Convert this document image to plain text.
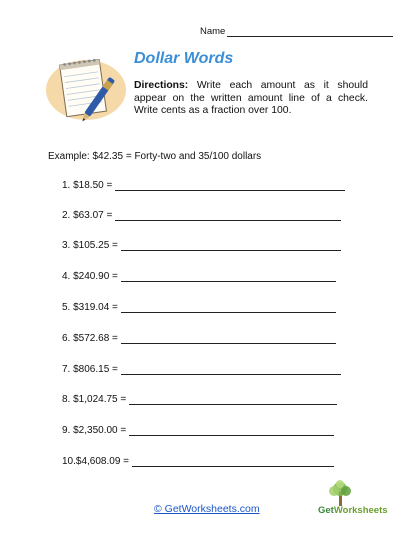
Name
Dollar Words
Directions: Write each amount as it should appear on the written amount line of a check. Write cents as a fraction over 100.
Example: $42.35 = Forty-two and 35/100 dollars
1. $18.50 =
2. $63.07 =
3. $105.25 =
4. $240.90 =
5. $319.04 =
6. $572.68 =
7. $806.15 =
8. $1,024.75 =
9. $2,350.00 =
10.$4,608.09 =
© GetWorksheets.com	GetWorksheets
